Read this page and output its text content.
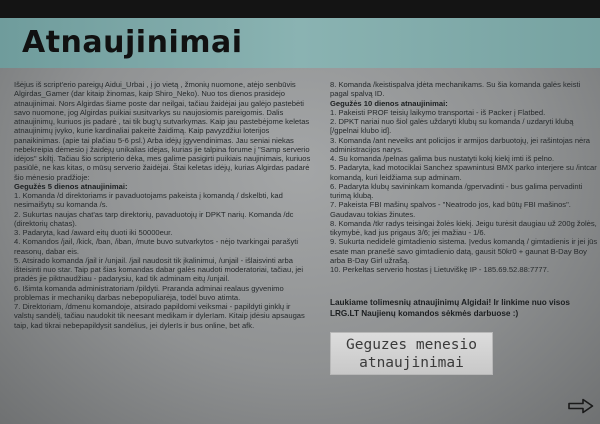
Atnaujinimai

Išėjus iš script'erio pareigų Aidui_Urbai , į jo vietą , žmonių nuomone, atėjo senbūvis Algirdas_Gamer (dar kitaip žinomas, kaip Shiro_Neko). Nuo tos dienos prasidėjo atnaujinimai. Nors Algirdas šiame poste dar neilgai, tačiau žaidėjai jau galėjo pastebėti savo nuomone, jog Algirdas puikiai susitvarkys su naujosiomis pareigomis. Dalis atnaujinimų, kuriuos jis padarė , tai tik bug'ų sutvarkymas. Kaip jau pastebėjome keletas atnaujinimų įvyko, kurie kardinaliai pakeitė žaidimą. Kaip pavyzdžiui loterijos panaikinimas. (apie tai plačiau 5-6 psl.) Arba idėjų įgyvendinimas. Jau seniai niekas nebekreipia dėmesio į žaidėjų unikalias idėjas, kurias jie talpina forume į "Samp serverio idėjos" skiltį. Tačiau šio scripterio dėka, mes galime pasigirti puikiais naujinimais, kuriuos pasiūlė, ne kas kitas, o mūsų serverio žaidėjai. Štai keletas idėjų, kurias Algirdas padarė šio mėnesio pradžioje:

Gegužės 5 dienos atnaujinimai:

1. Komanda /d direktoriams ir pavaduotojams pakeista į komandą / dskelbti, kad nesimaišytų su komanda /s.

2. Sukurtas naujas chat'as tarp direktorių, pavaduotojų ir DPKT narių. Komanda /dc (direktorių chatas).

3. Padaryta, kad /award eitų duoti iki 50000eur.

4. Komandos /jail, /kick, /ban, /iban, /mute buvo sutvarkytos - nėjo tvarkingai parašyti reasonų, dabar eis.

5. Atsirado komanda /jail ir /unjail. /jail naudosit tik įkalinimui, /unjail - išlaisvinti arba išteisinti nuo star. Taip pat šias komandas dabar galės naudoti moderatoriai, tačiau, jei pradės jie piktnaudžiau - padarysiu, kad tik adminam eitų /unjail.

6. Išimta komanda administratoriam /pildyti. Praranda adminai realaus gyvenimo problemas ir mechanikų darbas nebepopuliarėja, todėl buvo atimta.

7. Direktoriam, /dmenu komandoje, atsirado papildomi veiksmai - papildyti ginklų ir valstų sandėlį, tačiau naudokit tik neesant medikam ir dylerIam. Kitaip įdėsiu apsaugas taip, kad tikrai nebepapildysit sandėlius, jei dylerIs ir bus online, bet afk.

8. Komanda /keistispalva įdėta mechanikams. Su šia komanda galės keisti pagal spalvą ID.

Gegužės 10 dienos atnaujinimai:

1. Pakeisti PROF teisių laikymo transportai - iš Packer į Flatbed.

2. DPKT nariai nuo šiol galės uždaryti klubų su komanda / uzdaryti klubą [/gpelnai klubo id].

3. Komanda /ant neveiks ant policijos ir armijos darbuotojų, jei rašintojas nėra administracijos narys.

4. Su komanda /pelnas galima bus nustatyti kokį kiekį imti iš pelno.

5. Padaryta, kad motociklai Sanchez spawnintusi BMX parko interjere su /intcar komandą, kuri leidžiama sup adminam.

6. Padaryta klubų savininkam komanda /gpervadinti - bus galima pervadinti turimą klubą.

7. Pakeista FBI mašinų spalvos - "Neatrodo jos, kad būtų FBI mašinos". Gaudavau tokias žinutes.

8. Komanda /tkr radys teisingai žolės kiekį. Jeigu turėsit daugiau už 200g žolės, tikymybė, kad jus prigaus 3/6; jei mažiau - 1/6.

9. Sukurta nedidelė gimtadienio sistema. Įvedus komandą / gimtadienis ir jei jūs esate man pranešė savo gimtadienio datą, gausit 50kr0 + gaunat B-Day Boy arba B-Day Girl užrašą.

10. Perkeltas serverio hostas į Lietuviškę IP - 185.69.52.88:7777.

Laukiame tolimesnių atnaujinimų Algidai! Ir linkime nuo visos LRG.LT Naujienų komandos sėkmės darbuose :)

Geguzes menesio
atnaujinimai
